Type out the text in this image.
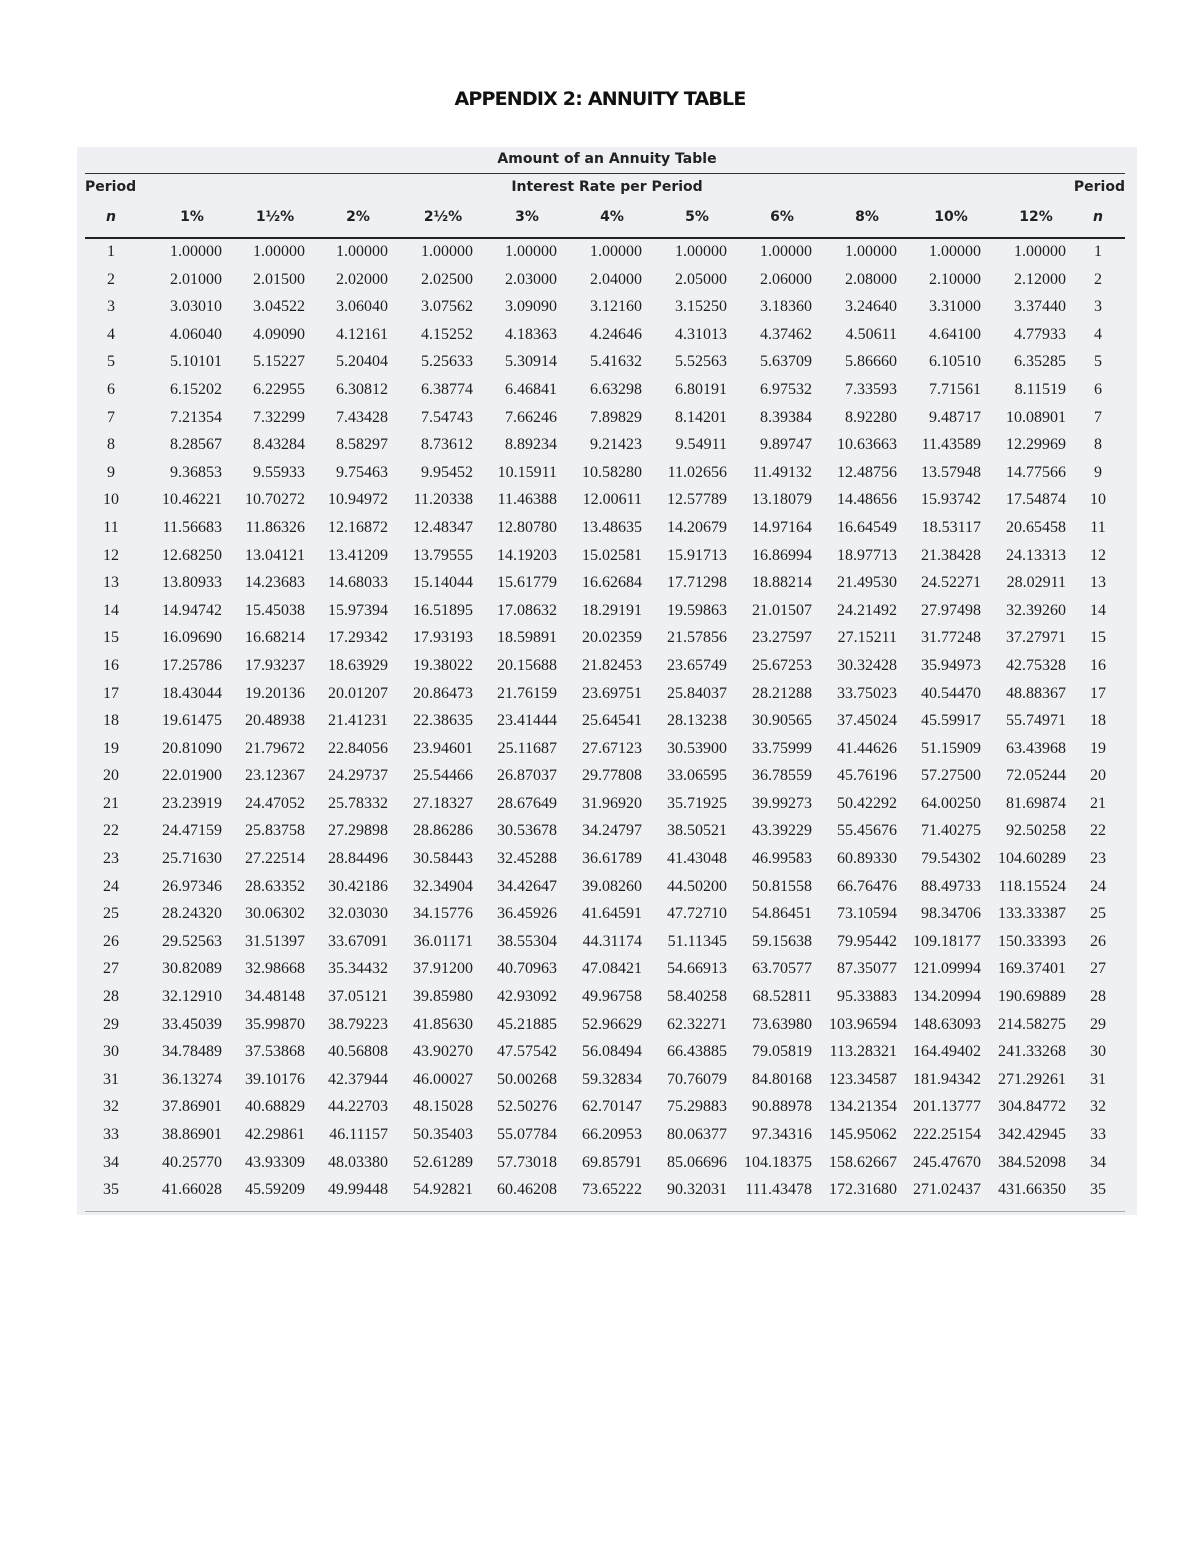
APPENDIX 2: ANNUITY TABLE
Amount of an Annuity Table
Period	Interest Rate per Period	Period
n	1%	1½%	2%	2½%	3%	4%	5%	6%	8%	10%	12%	n
1	1.00000	1.00000	1.00000	1.00000	1.00000	1.00000	1.00000	1.00000	1.00000	1.00000	1.00000	1
2	2.01000	2.01500	2.02000	2.02500	2.03000	2.04000	2.05000	2.06000	2.08000	2.10000	2.12000	2
3	3.03010	3.04522	3.06040	3.07562	3.09090	3.12160	3.15250	3.18360	3.24640	3.31000	3.37440	3
4	4.06040	4.09090	4.12161	4.15252	4.18363	4.24646	4.31013	4.37462	4.50611	4.64100	4.77933	4
5	5.10101	5.15227	5.20404	5.25633	5.30914	5.41632	5.52563	5.63709	5.86660	6.10510	6.35285	5
6	6.15202	6.22955	6.30812	6.38774	6.46841	6.63298	6.80191	6.97532	7.33593	7.71561	8.11519	6
7	7.21354	7.32299	7.43428	7.54743	7.66246	7.89829	8.14201	8.39384	8.92280	9.48717	10.08901	7
8	8.28567	8.43284	8.58297	8.73612	8.89234	9.21423	9.54911	9.89747	10.63663	11.43589	12.29969	8
9	9.36853	9.55933	9.75463	9.95452	10.15911	10.58280	11.02656	11.49132	12.48756	13.57948	14.77566	9
10	10.46221	10.70272	10.94972	11.20338	11.46388	12.00611	12.57789	13.18079	14.48656	15.93742	17.54874	10
11	11.56683	11.86326	12.16872	12.48347	12.80780	13.48635	14.20679	14.97164	16.64549	18.53117	20.65458	11
12	12.68250	13.04121	13.41209	13.79555	14.19203	15.02581	15.91713	16.86994	18.97713	21.38428	24.13313	12
13	13.80933	14.23683	14.68033	15.14044	15.61779	16.62684	17.71298	18.88214	21.49530	24.52271	28.02911	13
14	14.94742	15.45038	15.97394	16.51895	17.08632	18.29191	19.59863	21.01507	24.21492	27.97498	32.39260	14
15	16.09690	16.68214	17.29342	17.93193	18.59891	20.02359	21.57856	23.27597	27.15211	31.77248	37.27971	15
16	17.25786	17.93237	18.63929	19.38022	20.15688	21.82453	23.65749	25.67253	30.32428	35.94973	42.75328	16
17	18.43044	19.20136	20.01207	20.86473	21.76159	23.69751	25.84037	28.21288	33.75023	40.54470	48.88367	17
18	19.61475	20.48938	21.41231	22.38635	23.41444	25.64541	28.13238	30.90565	37.45024	45.59917	55.74971	18
19	20.81090	21.79672	22.84056	23.94601	25.11687	27.67123	30.53900	33.75999	41.44626	51.15909	63.43968	19
20	22.01900	23.12367	24.29737	25.54466	26.87037	29.77808	33.06595	36.78559	45.76196	57.27500	72.05244	20
21	23.23919	24.47052	25.78332	27.18327	28.67649	31.96920	35.71925	39.99273	50.42292	64.00250	81.69874	21
22	24.47159	25.83758	27.29898	28.86286	30.53678	34.24797	38.50521	43.39229	55.45676	71.40275	92.50258	22
23	25.71630	27.22514	28.84496	30.58443	32.45288	36.61789	41.43048	46.99583	60.89330	79.54302	104.60289	23
24	26.97346	28.63352	30.42186	32.34904	34.42647	39.08260	44.50200	50.81558	66.76476	88.49733	118.15524	24
25	28.24320	30.06302	32.03030	34.15776	36.45926	41.64591	47.72710	54.86451	73.10594	98.34706	133.33387	25
26	29.52563	31.51397	33.67091	36.01171	38.55304	44.31174	51.11345	59.15638	79.95442	109.18177	150.33393	26
27	30.82089	32.98668	35.34432	37.91200	40.70963	47.08421	54.66913	63.70577	87.35077	121.09994	169.37401	27
28	32.12910	34.48148	37.05121	39.85980	42.93092	49.96758	58.40258	68.52811	95.33883	134.20994	190.69889	28
29	33.45039	35.99870	38.79223	41.85630	45.21885	52.96629	62.32271	73.63980	103.96594	148.63093	214.58275	29
30	34.78489	37.53868	40.56808	43.90270	47.57542	56.08494	66.43885	79.05819	113.28321	164.49402	241.33268	30
31	36.13274	39.10176	42.37944	46.00027	50.00268	59.32834	70.76079	84.80168	123.34587	181.94342	271.29261	31
32	37.86901	40.68829	44.22703	48.15028	52.50276	62.70147	75.29883	90.88978	134.21354	201.13777	304.84772	32
33	38.86901	42.29861	46.11157	50.35403	55.07784	66.20953	80.06377	97.34316	145.95062	222.25154	342.42945	33
34	40.25770	43.93309	48.03380	52.61289	57.73018	69.85791	85.06696	104.18375	158.62667	245.47670	384.52098	34
35	41.66028	45.59209	49.99448	54.92821	60.46208	73.65222	90.32031	111.43478	172.31680	271.02437	431.66350	35
